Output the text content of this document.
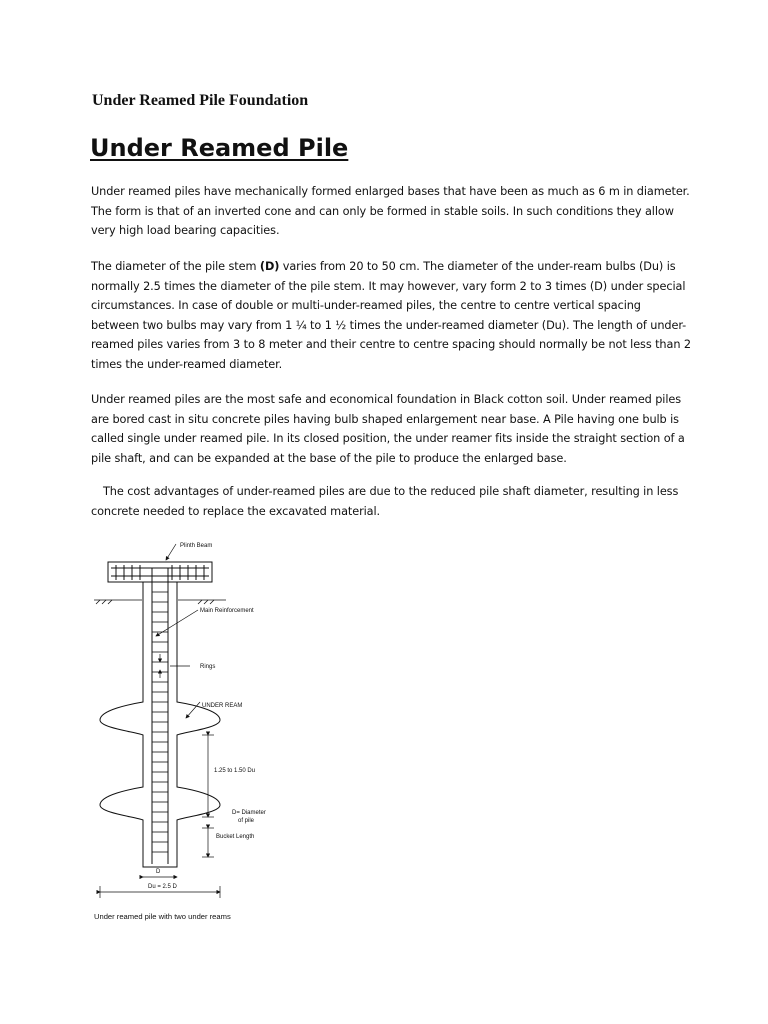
Under Reamed Pile Foundation
Under Reamed Pile

Under reamed piles have mechanically formed enlarged bases that have been as much as 6 m in diameter. The form is that of an inverted cone and can only be formed in stable soils. In such conditions they allow very high load bearing capacities.

The diameter of the pile stem (D) varies from 20 to 50 cm. The diameter of the under-ream bulbs (Du) is normally 2.5 times the diameter of the pile stem. It may however, vary form 2 to 3 times (D) under special circumstances. In case of double or multi-under-reamed piles, the centre to centre vertical spacing between two bulbs may vary from 1 ¼ to 1 ½ times the under-reamed diameter (Du). The length of under-reamed piles varies from 3 to 8 meter and their centre to centre spacing should normally be not less than 2 times the under-reamed diameter.

Under reamed piles are the most safe and economical foundation in Black cotton soil. Under reamed piles are bored cast in situ concrete piles having bulb shaped enlargement near base. A Pile having one bulb is called single under reamed pile. In its closed position, the under reamer fits inside the straight section of a pile shaft, and can be expanded at the base of the pile to produce the enlarged base.

The cost advantages of under-reamed piles are due to the reduced pile shaft diameter, resulting in less concrete needed to replace the excavated material.

Plinth Beam
Main Reinforcement
Rings
UNDER REAM
1.25 to 1.50 Du
D= Diameter
of pile
Bucket Length
D
Du = 2.5 D
Under reamed pile with two under reams
